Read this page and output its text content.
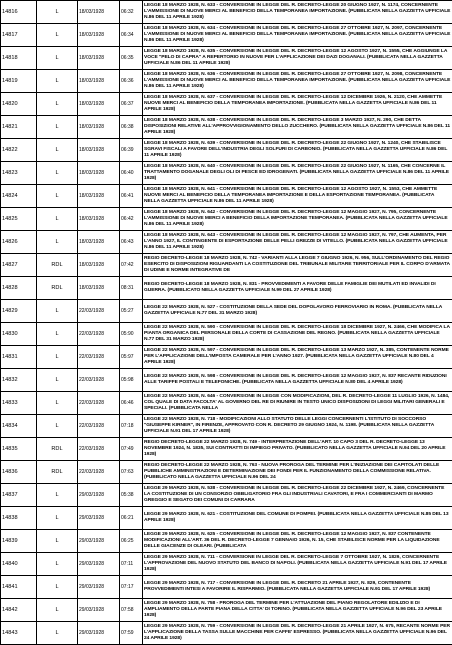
14816	L	18/03/1928	06:32	LEGGE 18 MARZO 1928, N. 633 - CONVERSIONE IN LEGGE DEL R. DECRETO-LEGGE 20 GIUGNO 1927, N. 1174, CONCERNENTE L'AMMISSIONE DI NUOVE MERCI AL BENEFICIO DELLA TEMPORANEA IMPORTAZIONE. (PUBBLICATA NELLA GAZZETTA UFFICIALE N.86 DEL 11 APRILE 1928)
14817	L	18/03/1928	06:34	LEGGE 18 MARZO 1928, N. 634 - CONVERSIONE IN LEGGE DEL R. DECRETO-LEGGE 27 OTTOBRE 1927, N. 2097, CONCERNENTE L'AMMISSIONE DI NUOVE MERCI AL BENEFICIO DELLA TEMPORANEA IMPORTAZIONE. (PUBBLICATA NELLA GAZZETTA UFFICIALE N.86 DEL 11 APRILE 1928)
14818	L	18/03/1928	06:35	LEGGE 18 MARZO 1928, N. 635 - CONVERSIONE IN LEGGE DEL R. DECRETO-LEGGE 12 AGOSTO 1927, N. 1555, CHE AGGIUNGE LA VOCE "PELO DI CAPRA" A REPERTORIO IN NUOVE PER L'APPLICAZIONE DEI DAZI DOGANALI. (PUBBLICATA NELLA GAZZETTA UFFICIALE N.86 DEL 11 APRILE 1928)
14819	L	18/03/1928	06:36	LEGGE 18 MARZO 1928, N. 636 - CONVERSIONE IN LEGGE DEL R. DECRETO-LEGGE 27 OTTOBRE 1927, N. 2098, CONCERNENTE L'AMMISSIONE DI NUOVE MERCI AL BENEFICIO DELLA TEMPORANEA IMPORTAZIONE. (PUBBLICATA NELLA GAZZETTA UFFICIALE N.86 DEL 11 APRILE 1928)
14820	L	18/03/1928	06:37	LEGGE 18 MARZO 1928, N. 637 - CONVERSIONE IN LEGGE DEL R. DECRETO-LEGGE 12 DICEMBRE 1926, N. 2120, CHE AMMETTE NUOVE MERCI AL BENEFICIO DELLA TEMPORANEA IMPORTAZIONE. (PUBBLICATA NELLA GAZZETTA UFFICIALE N.86 DEL 11 APRILE 1928)
14821	L	18/03/1928	06:38	LEGGE 18 MARZO 1928, N. 638 - CONVERSIONE IN LEGGE DEL R. DECRETO-LEGGE 3 MARZO 1927, N. 290, CHE DETTA DISPOSIZIONI RELATIVE ALL'APPROVVIGIONAMENTO DELLO ZUCCHERO. (PUBBLICATA NELLA GAZZETTA UFFICIALE N.86 DEL 11 APRILE 1928)
14822	L	18/03/1928	06:39	LEGGE 18 MARZO 1928, N. 639 - CONVERSIONE IN LEGGE DEL R. DECRETO-LEGGE 22 GIUGNO 1927, N. 1240, CHE STABILISCE SGRAVI FISCALI A FAVORE DELL'INDUSTRIA DEGLI SOLFURI DI CARBONIO. (PUBBLICATA NELLA GAZZETTA UFFICIALE N.86 DEL 11 APRILE 1928)
14823	L	18/03/1928	06:40	LEGGE 18 MARZO 1928, N. 640 - CONVERSIONE IN LEGGE DEL R. DECRETO-LEGGE 22 GIUGNO 1927, N. 1165, CHE CONCERNE IL TRATTAMENTO DOGANALE DEGLI OLI DI PESCE ED IDROGENATI. (PUBBLICATA NELLA GAZZETTA UFFICIALE N.86 DEL 11 APRILE 1928)
14824	L	18/03/1928	06:41	LEGGE 18 MARZO 1928, N. 641 - CONVERSIONE IN LEGGE DEL R. DECRETO-LEGGE 12 AGOSTO 1927, N. 1553, CHE AMMETTE NUOVE MERCI AL BENEFICIO DELLA TEMPORANEA IMPORTAZIONE E DELLA ESPORTAZIONE TEMPORANEA. (PUBBLICATA NELLA GAZZETTA UFFICIALE N.86 DEL 11 APRILE 1928)
14825	L	18/03/1928	06:42	LEGGE 18 MARZO 1928, N. 642 - CONVERSIONE IN LEGGE DEL R. DECRETO-LEGGE 12 MAGGIO 1927, N. 795, CONCERNENTE L'AMMISSIONE DI NUOVE MERCI A BENEFICIO DELLA IMPORTAZIONE TEMPORANEA. (PUBBLICATA NELLA GAZZETTA UFFICIALE N.86 DEL 11 APRILE 1928)
14826	L	18/03/1928	06:43	LEGGE 18 MARZO 1928, N. 643 - CONVERSIONE IN LEGGE DEL R. DECRETO-LEGGE 12 MAGGIO 1927, N. 797, CHE AUMENTA, PER L'ANNO 1927, IL CONTINGENTE DI ESPORTAZIONE DELLE PELLI GREZZE DI VITELLO. (PUBBLICATA NELLA GAZZETTA UFFICIALE N.86 DEL 11 APRILE 1928)
14827	RDL	18/03/1928	07:42	REGIO DECRETO-LEGGE 18 MARZO 1928, N. 742 - VARIANTI ALLA LEGGE 7 GIUGNO 1926, N. 956, SULL'ORDINAMENTO DEL REGIO ESERCITO DI DISPOSIZIONI RIGUARDANTI LA COSTITUZIONE DEL TRIBUNALE MILITARE TERRITORIALE PER IL CORPO D'ARMATA DI UDINE E NORME INTEGRATIVE DE
14828	RDL	18/03/1928	08:31	REGIO DECRETO-LEGGE 18 MARZO 1928, N. 831 - PROVVEDIMENTI A FAVORE DELLE FAMIGLIE DEI MUTILATI ED INVALIDI DI GUERRA. (PUBBLICATO NELLA GAZZETTA UFFICIALE N.99 DEL 27 APRILE 1928)
14829	L	22/03/1928	05:27	LEGGE 22 MARZO 1928, N. 527 - COSTITUZIONE DELLA SEDE DEL DOPOLAVORO FERROVIARIO IN ROMA. (PUBBLICATA NELLA GAZZETTA UFFICIALE N.77 DEL 31 MARZO 1928)
14830	L	22/03/1928	05:90	LEGGE 22 MARZO 1928, N. 590 - CONVERSIONE IN LEGGE DEL R. DECRETO-LEGGE 18 DICEMBRE 1927, N. 2466, CHE MODIFICA LA PIANTA ORGANICA DEL PERSONALE DELLA CORTE DI CASSAZIONE DEL REGNO. (PUBBLICATA NELLA GAZZETTA UFFICIALE N.77 DEL 31 MARZO 1928)
14831	L	22/03/1928	05:97	LEGGE 22 MARZO 1928, N. 597 - CONVERSIONE IN LEGGE DEL R. DECRETO-LEGGE 13 MARZO 1927, N. 385, CONTENENTE NORME PER L'APPLICAZIONE DELL'IMPOSTA CAMERALE PER L'ANNO 1927. (PUBBLICATA NELLA GAZZETTA UFFICIALE N.80 DEL 4 APRILE 1928)
14832	L	22/03/1928	05:98	LEGGE 22 MARZO 1928, N. 598 - CONVERSIONE IN LEGGE DEL R. DECRETO-LEGGE 12 MAGGIO 1927, N. 837 RECANTE RIDUZIONI ALLE TARIFFE POSTALI E TELEFONICHE. (PUBBLICATA NELLA GAZZETTA UFFICIALE N.80 DEL 4 APRILE 1928)
14833	L	22/03/1928	06:46	LEGGE 22 MARZO 1928, N. 646 - CONVERSIONE IN LEGGE CON MODIFICAZIONI, DEL R. DECRETO-LEGGE 11 LUGLIO 1926, N. 1484, COL QUALE DI DATA FACOLTA' AL GOVERNO DEL RE DI RIUNIRE IN TESTO UNICO DISPOSIZIONI DI LEGGI MILITARI GENERALI E SPECIALI. (PUBBLICATA NELLA
14834	L	22/03/1928	07:18	LEGGE 22 MARZO 1928, N. 718 - MODIFICAZIONI ALLO STATUTO DELLE LEGGI CONCERNENTI L'ISTITUTO DI SOCCORSO "GIUSEPPE KIRNER", IN FIRENZE, APPROVATO CON R. DECRETO 29 GIUGNO 1924, N. 1198. (PUBBLICATA NELLA GAZZETTA UFFICIALE N.91 DEL 17 APRILE 1928)
14835	RDL	22/03/1928	07:49	REGIO DECRETO-LEGGE 22 MARZO 1928, N. 749 - INTERPRETAZIONE DELL'ART. 10 CAPO 3 DEL R. DECRETO-LEGGE 13 NOVEMBRE 1924, N. 1835, SUI CONTRATTI DI IMPIEGO PRIVATO. (PUBBLICATO NELLA GAZZETTA UFFICIALE N.94 DEL 20 APRILE 1928)
14836	RDL	22/03/1928	07:63	REGIO DECRETO-LEGGE 22 MARZO 1928, N. 763 - NUOVA PROROGA DEL TERMINE PER L'INIZIAZIONE DEI CAPITOLATI DELLE PUBBLICHE AMMINISTRAZIONI E DETERMINAZIONE DEI FONDI PER IL FUNZIONAMENTO DELLA COMMISSIONE RELATIVA. (PUBBLICATO NELLA GAZZETTA UFFICIALE N.96 DEL 24
14837	L	29/03/1928	05:38	LEGGE 29 MARZO 1928, N. 538 - CONVERSIONE IN LEGGE DEL R. DECRETO-LEGGE 22 DICEMBRE 1927, N. 2469, CONCERNENTE LA COSTITUZIONE DI UN CONSORZIO OBBLIGATORIO FRA GLI INDUSTRIALI CAVATORI, E FRA I COMMERCIANTI DI MARMO GREGGIO E SEGATO DEI COMUNI DI CARRARA
14838	L	29/03/1928	06:21	LEGGE 29 MARZO 1928, N. 621 - COSTITUZIONE DEL COMUNE DI POMPEI. (PUBBLICATA NELLA GAZZETTA UFFICIALE N.85 DEL 13 APRILE 1928)
14839	L	29/03/1928	06:25	LEGGE 29 MARZO 1928, N. 625 - CONVERSIONE IN LEGGE DEL R. DECRETO-LEGGE 12 MAGGIO 1927, N. 837 CONTENENTE MODIFICAZIONI ALL'ART. 36 DEL R. DECRETO-LEGGE 7 GENNAIO 1926, N. 15, CHE STABILISCE NORME PER LA LIQUIDAZIONE DELLE GIACENZE DI OLEARI. (PUBBLICATA
14840	L	29/03/1928	07:11	LEGGE 29 MARZO 1928, N. 711 - CONVERSIONE IN LEGGE DEL R. DECRETO-LEGGE 7 OTTOBRE 1927, N. 1829, CONCERNENTE L'APPROVAZIONE DEL NUOVO STATUTO DEL BANCO DI NAPOLI. (PUBBLICATA NELLA GAZZETTA UFFICIALE N.91 DEL 17 APRILE 1928)
14841	L	29/03/1928	07:17	LEGGE 29 MARZO 1928, N. 717 - CONVERSIONE IN LEGGE DEL R. DECRETO 21 APRILE 1927, N. 829, CONTENENTE PROVVEDIMENTI INTESI A FAVORIRE IL RISPARMIO. (PUBBLICATA NELLA GAZZETTA UFFICIALE N.91 DEL 17 APRILE 1928)
14842	L	29/03/1928	07:58	LEGGE 29 MARZO 1928, N. 758 - PROROGA DEL TERMINE PER L'ATTUAZIONE DEL PIANO REGOLATORE EDILIZIO E DI AMPLIAMENTO DELLA PARTE PIANA DELLA CITTA' DI TORINO. (PUBBLICATA NELLA GAZZETTA UFFICIALE N.96 DEL 23 APRILE 1928)
14843	L	29/03/1928	07:59	LEGGE 29 MARZO 1928, N. 759 - CONVERSIONE IN LEGGE DEL R. DECRETO-LEGGE 21 APRILE 1927, N. 675, RECANTE NORME PER L'APPLICAZIONE DELLA TASSA SULLE MACCHINE PER CAFFE' ESPRESSO. (PUBBLICATA NELLA GAZZETTA UFFICIALE N.96 DEL 24 APRILE 1928)
